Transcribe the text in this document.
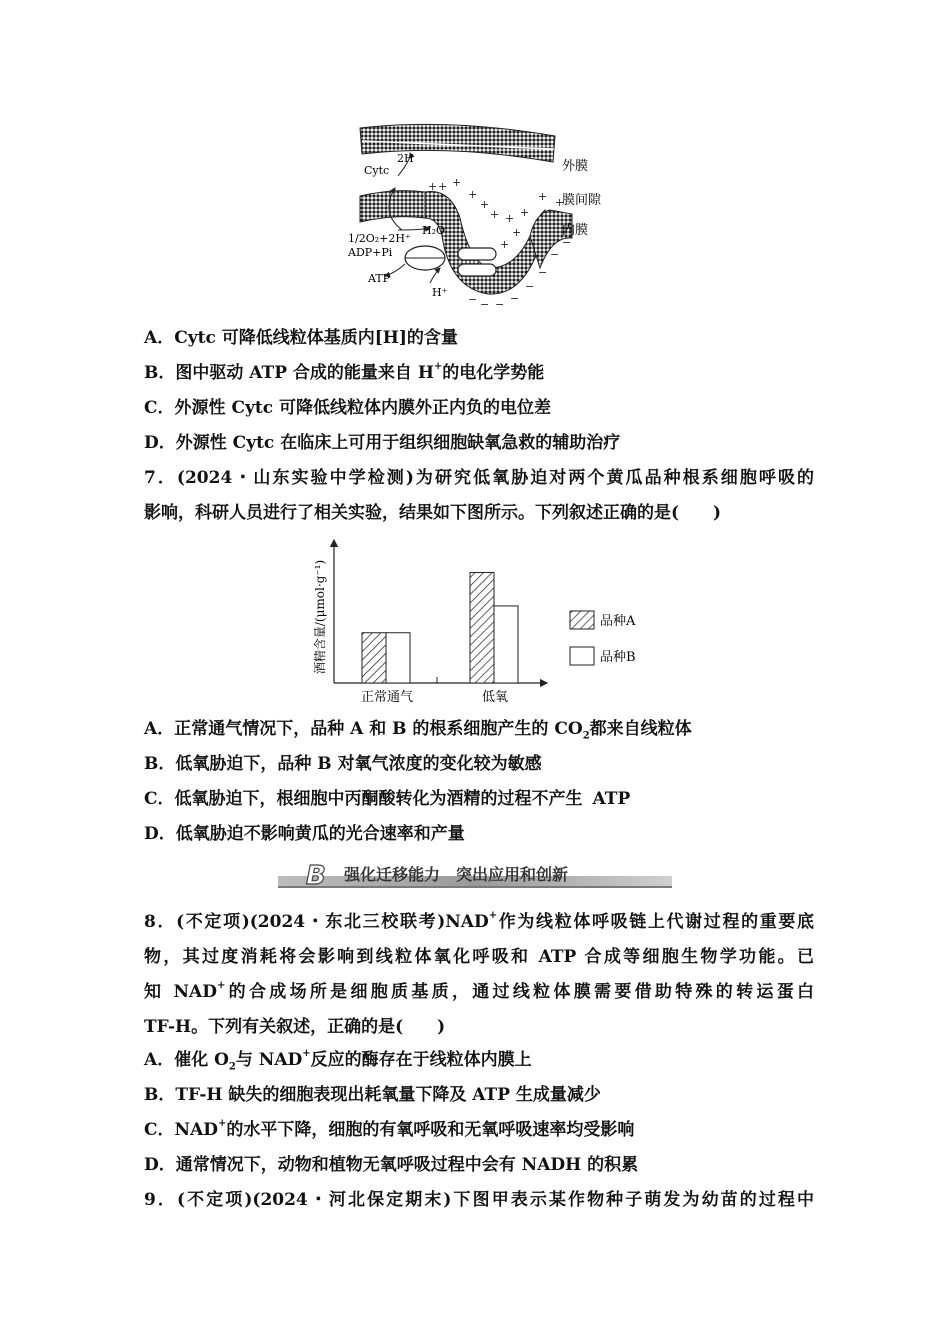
+ + +
+
+
+ + +
+ +
+
+
− − − −
−
−
−
−
外膜
膜间隙
内膜
Cytc
2H
H₂O
1/2O₂+2H⁺
ADP+Pi
ATP
H⁺
A．Cytc 可降低线粒体基质内[H]的含量
B．图中驱动 ATP 合成的能量来自 H+的电化学势能
C．外源性 Cytc 可降低线粒体内膜外正内负的电位差
D．外源性 Cytc 在临床上可用于组织细胞缺氧急救的辅助治疗
7．(2024・山东实验中学检测)为研究低氧胁迫对两个黄瓜品种根系细胞呼吸的
影响，科研人员进行了相关实验，结果如下图所示。下列叙述正确的是(　　)
酒精含量/(μmol·g⁻¹)
正常通气	低氧
品种A
品种B
A．正常通气情况下，品种 A 和 B 的根系细胞产生的 $CO_2$都来自线粒体
B．低氧胁迫下，品种 B 对氧气浓度的变化较为敏感
C．低氧胁迫下，根细胞中丙酮酸转化为酒精的过程不产生 ATP
D．低氧胁迫不影响黄瓜的光合速率和产量
B 强化迁移能力　突出应用和创新
8．(不定项)(2024・东北三校联考)NAD+作为线粒体呼吸链上代谢过程的重要底
物，其过度消耗将会影响到线粒体氧化呼吸和 ATP 合成等细胞生物学功能。已
知 NAD+的合成场所是细胞质基质，通过线粒体膜需要借助特殊的转运蛋白
TF-H。下列有关叙述，正确的是(　　)
A．催化 $O_2$与 NAD+反应的酶存在于线粒体内膜上
B．TF-H 缺失的细胞表现出耗氧量下降及 ATP 生成量减少
C．NAD+的水平下降，细胞的有氧呼吸和无氧呼吸速率均受影响
D．通常情况下，动物和植物无氧呼吸过程中会有 NADH 的积累
9．(不定项)(2024・河北保定期末)下图甲表示某作物种子萌发为幼苗的过程中
